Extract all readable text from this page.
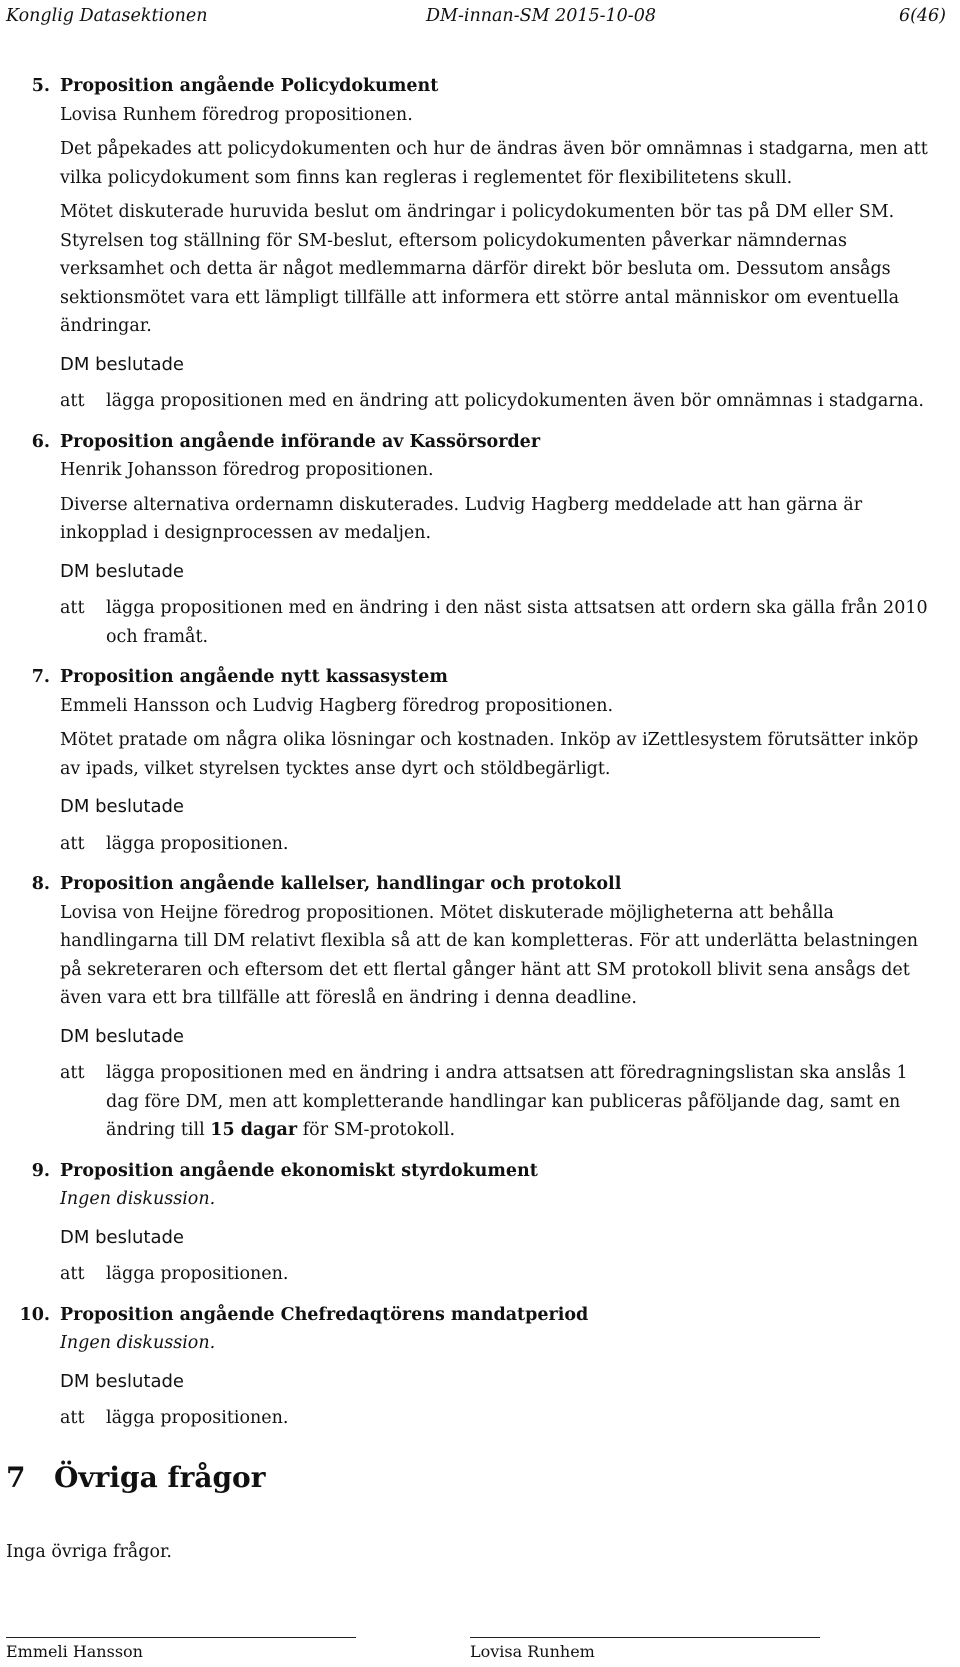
Konglig Datasektionen	DM-innan-SM 2015-10-08	6(46)
5. Proposition angående Policydokument

Lovisa Runhem föredrog propositionen.

Det påpekades att policydokumenten och hur de ändras även bör omnämnas i stadgarna, men att vilka policydokument som finns kan regleras i reglementet för flexibilitetens skull.

Mötet diskuterade huruvida beslut om ändringar i policydokumenten bör tas på DM eller SM. Styrelsen tog ställning för SM-beslut, eftersom policydokumenten påverkar nämndernas verksamhet och detta är något medlemmarna därför direkt bör besluta om. Dessutom ansågs sektionsmötet vara ett lämpligt tillfälle att informera ett större antal människor om eventuella ändringar.

DM beslutade
att lägga propositionen med en ändring att policydokumenten även bör omnämnas i stadgarna.
6. Proposition angående införande av Kassörsorder

Henrik Johansson föredrog propositionen.

Diverse alternativa ordernamn diskuterades. Ludvig Hagberg meddelade att han gärna är inkopplad i designprocessen av medaljen.

DM beslutade
att lägga propositionen med en ändring i den näst sista attsatsen att ordern ska gälla från 2010 och framåt.
7. Proposition angående nytt kassasystem

Emmeli Hansson och Ludvig Hagberg föredrog propositionen.

Mötet pratade om några olika lösningar och kostnaden. Inköp av iZettlesystem förutsätter inköp av ipads, vilket styrelsen tycktes anse dyrt och stöldbegärligt.

DM beslutade
att lägga propositionen.
8. Proposition angående kallelser, handlingar och protokoll

Lovisa von Heijne föredrog propositionen. Mötet diskuterade möjligheterna att behålla handlingarna till DM relativt flexibla så att de kan kompletteras. För att underlätta belastningen på sekreteraren och eftersom det ett flertal gånger hänt att SM protokoll blivit sena ansågs det även vara ett bra tillfälle att föreslå en ändring i denna deadline.

DM beslutade
att lägga propositionen med en ändring i andra attsatsen att föredragningslistan ska anslås 1 dag före DM, men att kompletterande handlingar kan publiceras påföljande dag, samt en ändring till 15 dagar för SM-protokoll.
9. Proposition angående ekonomiskt styrdokument

Ingen diskussion.

DM beslutade
att lägga propositionen.
10. Proposition angående Chefredaqtörens mandatperiod

Ingen diskussion.

DM beslutade
att lägga propositionen.
7 Övriga frågor
Inga övriga frågor.
Emmeli Hansson	Lovisa Runhem
